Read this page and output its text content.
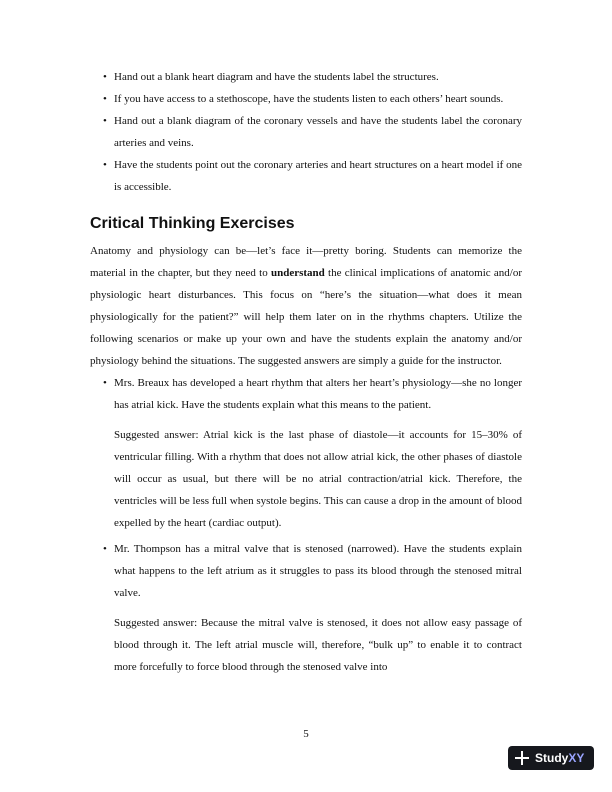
• Hand out a blank heart diagram and have the students label the structures.
• If you have access to a stethoscope, have the students listen to each others’ heart sounds.
• Hand out a blank diagram of the coronary vessels and have the students label the coronary arteries and veins.
• Have the students point out the coronary arteries and heart structures on a heart model if one is accessible.
Critical Thinking Exercises

Anatomy and physiology can be—let’s face it—pretty boring. Students can memorize the material in the chapter, but they need to understand the clinical implications of anatomic and/or physiologic heart disturbances. This focus on “here’s the situation—what does it mean physiologically for the patient?” will help them later on in the rhythms chapters. Utilize the following scenarios or make up your own and have the students explain the anatomy and/or physiology behind the situations. The suggested answers are simply a guide for the instructor.

• Mrs. Breaux has developed a heart rhythm that alters her heart’s physiology—she no longer has atrial kick. Have the students explain what this means to the patient.

Suggested answer: Atrial kick is the last phase of diastole—it accounts for 15–30% of ventricular filling. With a rhythm that does not allow atrial kick, the other phases of diastole will occur as usual, but there will be no atrial contraction/atrial kick. Therefore, the ventricles will be less full when systole begins. This can cause a drop in the amount of blood expelled by the heart (cardiac output).

• Mr. Thompson has a mitral valve that is stenosed (narrowed). Have the students explain what happens to the left atrium as it struggles to pass its blood through the stenosed mitral valve.

Suggested answer: Because the mitral valve is stenosed, it does not allow easy passage of blood through it. The left atrial muscle will, therefore, “bulk up” to enable it to contract more forcefully to force blood through the stenosed valve into

5
Study XY
